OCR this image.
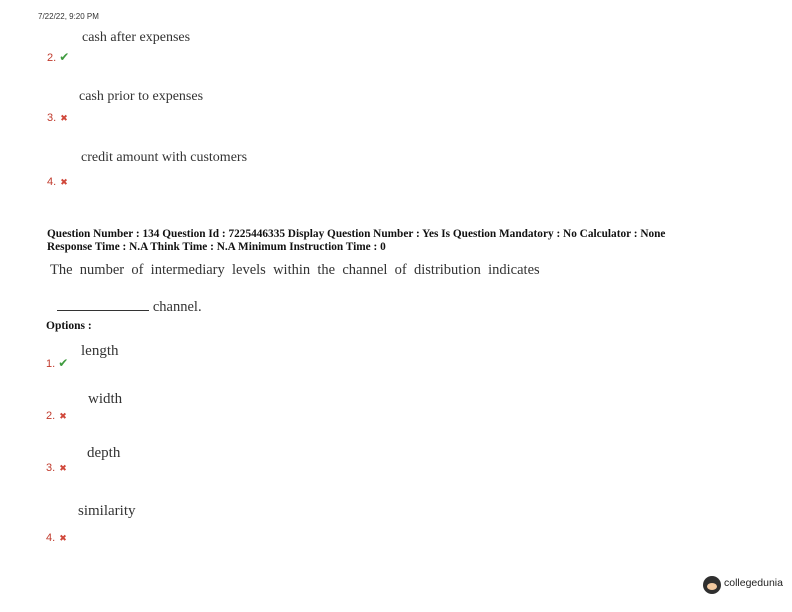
7/22/22, 9:20 PM
cash after expenses
2. ✔
cash prior to expenses
3. ✖
credit amount with customers
4. ✖
Question Number : 134 Question Id : 7225446335 Display Question Number : Yes Is Question Mandatory : No Calculator : None
Response Time : N.A Think Time : N.A Minimum Instruction Time : 0
The  number  of  intermediary  levels  within  the  channel  of  distribution  indicates

channel.

Options :
length
1. ✔
width
2. ✖
depth
3. ✖
similarity
4. ✖
collegedunia
